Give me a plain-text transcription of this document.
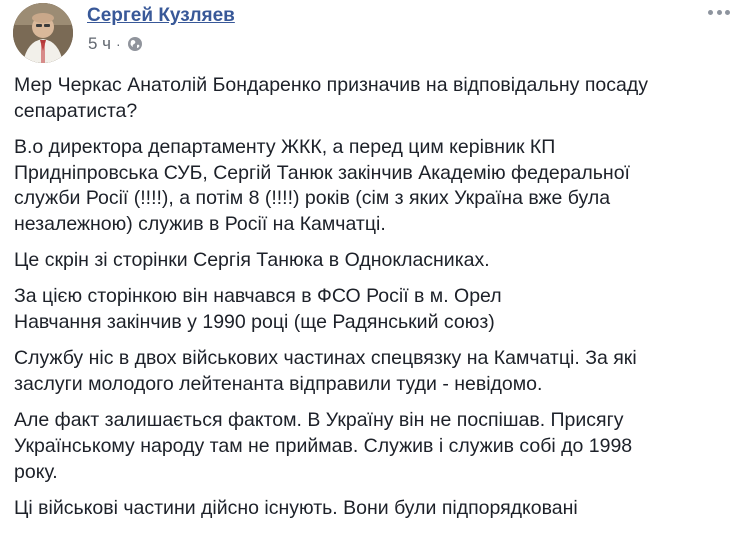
Сергей Кузляев
5 ч ·

Мер Черкас Анатолій Бондаренко призначив на відповідальну посаду
сепаратиста?

В.о директора департаменту ЖКК, а перед цим керівник КП
Придніпровська СУБ, Сергій Танюк закінчив Академію федеральної
служби Росії (!!!!), а потім 8 (!!!!) років (сім з яких Україна вже була
незалежною) служив в Росії на Камчатці.

Це скрін зі сторінки Сергія Танюка в Однокласниках.

За цією сторінкою він навчався в ФСО Росії в м. Орел
Навчання закінчив у 1990 році (ще Радянський союз)

Службу ніс в двох військових частинах спецвязку на Камчатці. За які
заслуги молодого лейтенанта відправили туди - невідомо.

Але факт залишається фактом. В Україну він не поспішав. Присягу
Українському народу там не приймав. Служив і служив собі до 1998
року.

Ці військові частини дійсно існують. Вони були підпорядковані
